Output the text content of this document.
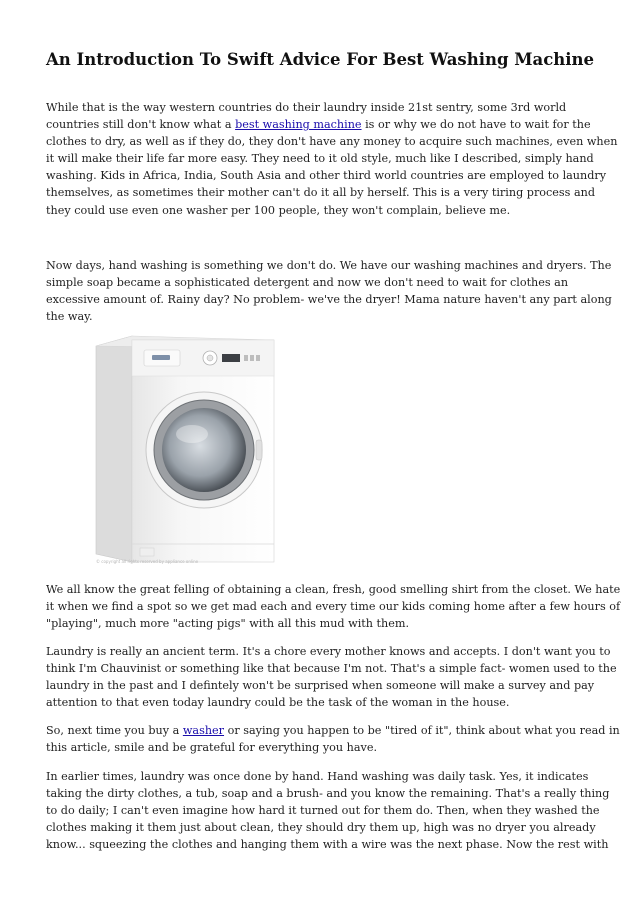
An Introduction To Swift Advice For Best Washing Machine

While that is the way western countries do their laundry inside 21st sentry, some 3rd world
countries still don't know what a best washing machine is or why we do not have to wait for the
clothes to dry, as well as if they do, they don't have any money to acquire such machines, even when
it will make their life far more easy. They need to it old style, much like I described, simply hand
washing. Kids in Africa, India, South Asia and other third world countries are employed to laundry
themselves, as sometimes their mother can't do it all by herself. This is a very tiring process and
they could use even one washer per 100 people, they won't complain, believe me.

Now days, hand washing is something we don't do. We have our washing machines and dryers. The
simple soap became a sophisticated detergent and now we don't need to wait for clothes an
excessive amount of. Rainy day? No problem- we've the dryer! Mama nature haven't any part along
the way.

© copyright all rights reserved by appliance online

We all know the great felling of obtaining a clean, fresh, good smelling shirt from the closet. We hate
it when we find a spot so we get mad each and every time our kids coming home after a few hours of
"playing", much more "acting pigs" with all this mud with them.

Laundry is really an ancient term. It's a chore every mother knows and accepts. I don't want you to
think I'm Chauvinist or something like that because I'm not. That's a simple fact- women used to the
laundry in the past and I defintely won't be surprised when someone will make a survey and pay
attention to that even today laundry could be the task of the woman in the house.

So, next time you buy a washer or saying you happen to be "tired of it", think about what you read in
this article, smile and be grateful for everything you have.

In earlier times, laundry was once done by hand. Hand washing was daily task. Yes, it indicates
taking the dirty clothes, a tub, soap and a brush- and you know the remaining. That's a really thing
to do daily; I can't even imagine how hard it turned out for them do. Then, when they washed the
clothes making it them just about clean, they should dry them up, high was no dryer you already
know... squeezing the clothes and hanging them with a wire was the next phase. Now the rest with
